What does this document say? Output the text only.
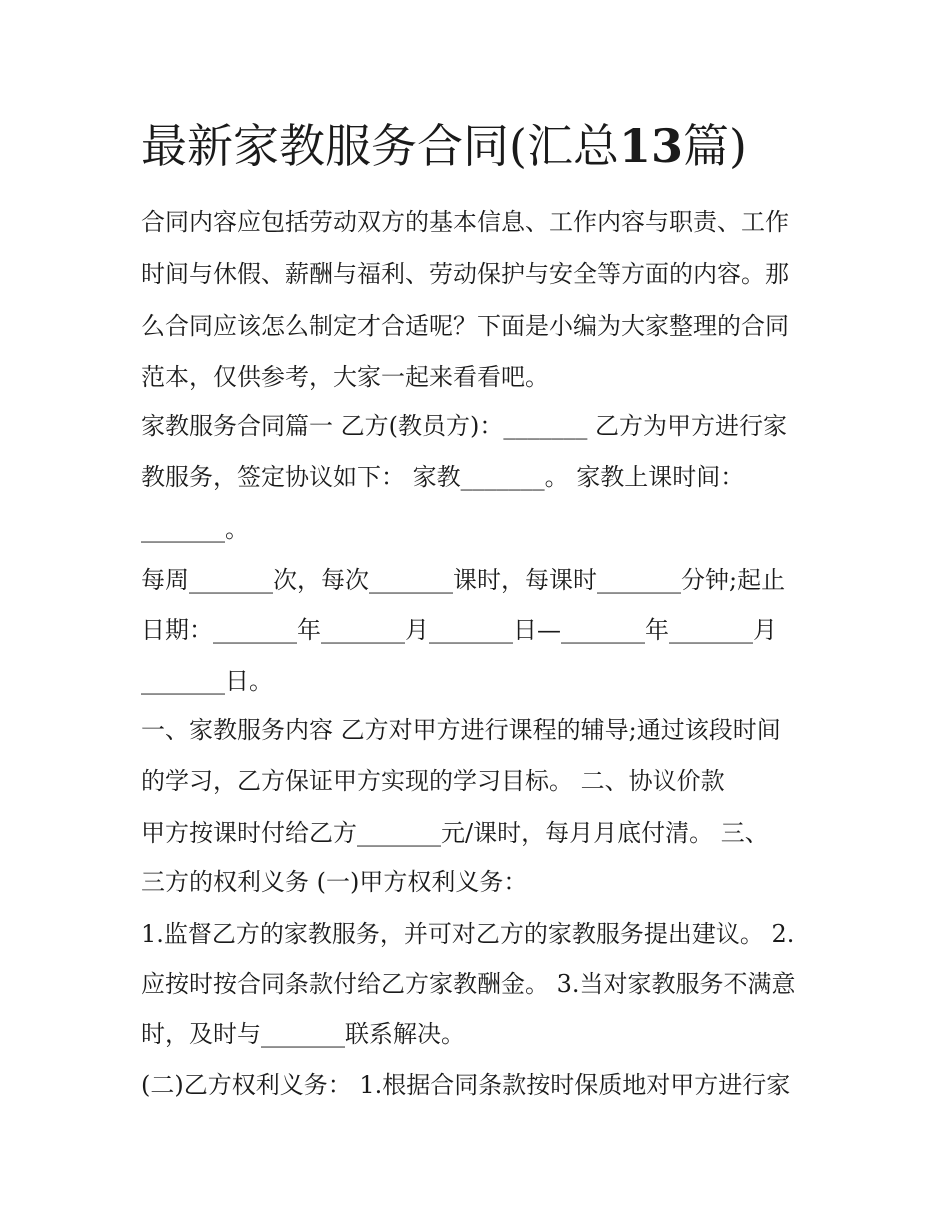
最新家教服务合同(汇总13篇)

合同内容应包括劳动双方的基本信息、工作内容与职责、工作

时间与休假、薪酬与福利、劳动保护与安全等方面的内容。那

么合同应该怎么制定才合适呢？下面是小编为大家整理的合同

范本，仅供参考，大家一起来看看吧。

家教服务合同篇一 乙方(教员方)：_______ 乙方为甲方进行家

教服务，签定协议如下： 家教_______。 家教上课时间：

_______。

每周_______次，每次_______课时，每课时_______分钟;起止

日期：_______年_______月_______日—_______年_______月

_______日。

一、家教服务内容 乙方对甲方进行课程的辅导;通过该段时间

的学习，乙方保证甲方实现的学习目标。 二、协议价款

甲方按课时付给乙方_______元/课时，每月月底付清。 三、

三方的权利义务 (一)甲方权利义务：

1.监督乙方的家教服务，并可对乙方的家教服务提出建议。 2.

应按时按合同条款付给乙方家教酬金。 3.当对家教服务不满意

时，及时与_______联系解决。

(二)乙方权利义务： 1.根据合同条款按时保质地对甲方进行家
